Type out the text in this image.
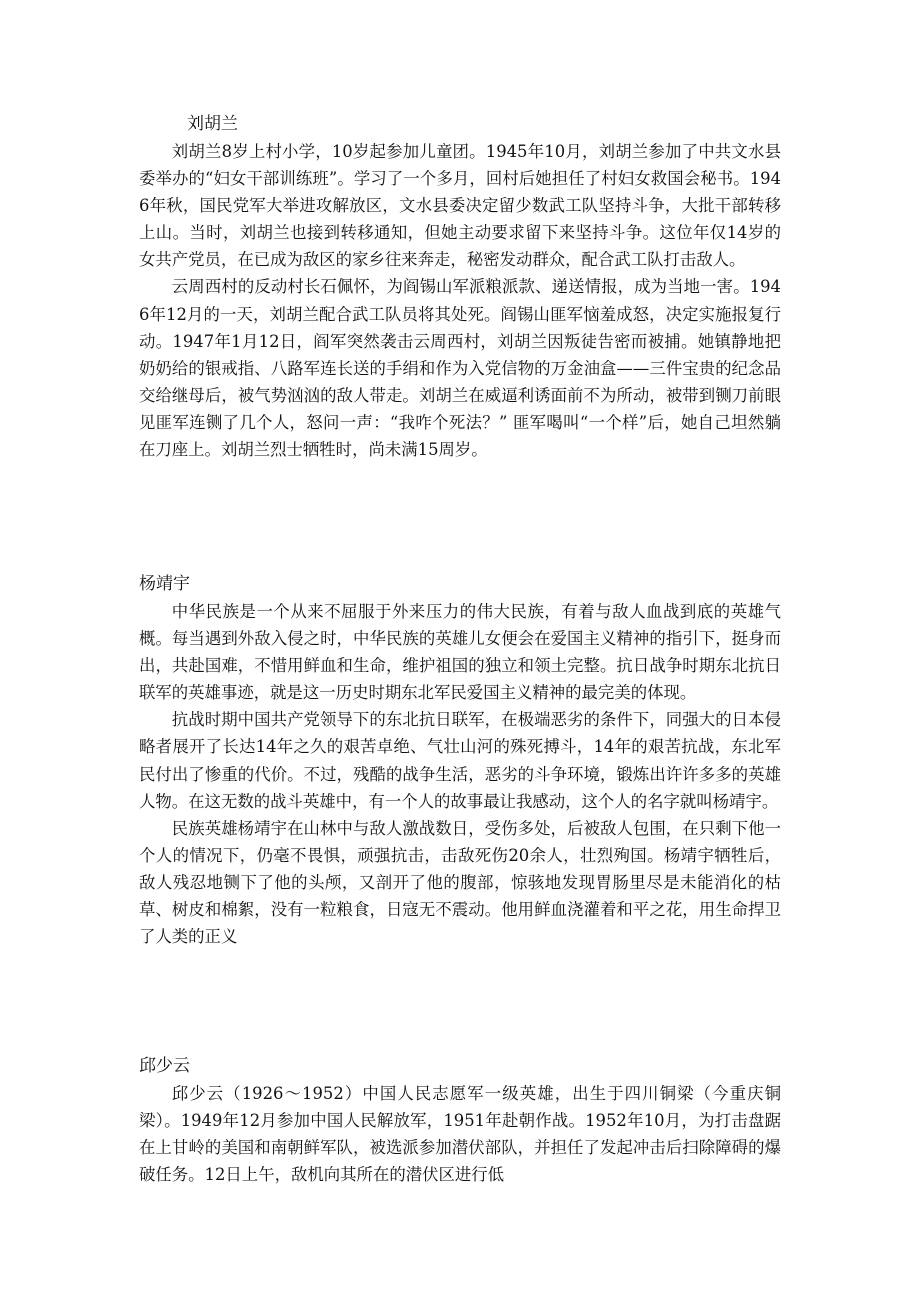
刘胡兰

刘胡兰8岁上村小学，10岁起参加儿童团。1945年10月，刘胡兰参加了中共文水县委举办的“妇女干部训练班”。学习了一个多月，回村后她担任了村妇女救国会秘书。1946年秋，国民党军大举进攻解放区，文水县委决定留少数武工队坚持斗争，大批干部转移上山。当时，刘胡兰也接到转移通知，但她主动要求留下来坚持斗争。这位年仅14岁的女共产党员，在已成为敌区的家乡往来奔走，秘密发动群众，配合武工队打击敌人。

云周西村的反动村长石佩怀，为阎锡山军派粮派款、递送情报，成为当地一害。1946年12月的一天，刘胡兰配合武工队员将其处死。阎锡山匪军恼羞成怒，决定实施报复行动。1947年1月12日，阎军突然袭击云周西村，刘胡兰因叛徒告密而被捕。她镇静地把奶奶给的银戒指、八路军连长送的手绢和作为入党信物的万金油盒——三件宝贵的纪念品交给继母后，被气势汹汹的敌人带走。刘胡兰在威逼利诱面前不为所动，被带到铡刀前眼见匪军连铡了几个人，怒问一声：“我咋个死法？” 匪军喝叫“一个样”后，她自己坦然躺在刀座上。刘胡兰烈士牺牲时，尚未满15周岁。

杨靖宇

中华民族是一个从来不屈服于外来压力的伟大民族，有着与敌人血战到底的英雄气概。每当遇到外敌入侵之时，中华民族的英雄儿女便会在爱国主义精神的指引下，挺身而出，共赴国难，不惜用鲜血和生命，维护祖国的独立和领土完整。抗日战争时期东北抗日联军的英雄事迹，就是这一历史时期东北军民爱国主义精神的最完美的体现。

抗战时期中国共产党领导下的东北抗日联军，在极端恶劣的条件下，同强大的日本侵略者展开了长达14年之久的艰苦卓绝、气壮山河的殊死搏斗，14年的艰苦抗战，东北军民付出了惨重的代价。不过，残酷的战争生活，恶劣的斗争环境，锻炼出许许多多的英雄人物。在这无数的战斗英雄中，有一个人的故事最让我感动，这个人的名字就叫杨靖宇。

民族英雄杨靖宇在山林中与敌人激战数日，受伤多处，后被敌人包围，在只剩下他一个人的情况下，仍毫不畏惧，顽强抗击，击敌死伤20余人，壮烈殉国。杨靖宇牺牲后，敌人残忍地铡下了他的头颅，又剖开了他的腹部，惊骇地发现胃肠里尽是未能消化的枯草、树皮和棉絮，没有一粒粮食，日寇无不震动。他用鲜血浇灌着和平之花，用生命捍卫了人类的正义

邱少云

邱少云（1926～1952）中国人民志愿军一级英雄，出生于四川铜梁（今重庆铜梁）。1949年12月参加中国人民解放军，1951年赴朝作战。1952年10月，为打击盘踞在上甘岭的美国和南朝鲜军队，被选派参加潜伏部队，并担任了发起冲击后扫除障碍的爆破任务。12日上午，敌机向其所在的潜伏区进行低
